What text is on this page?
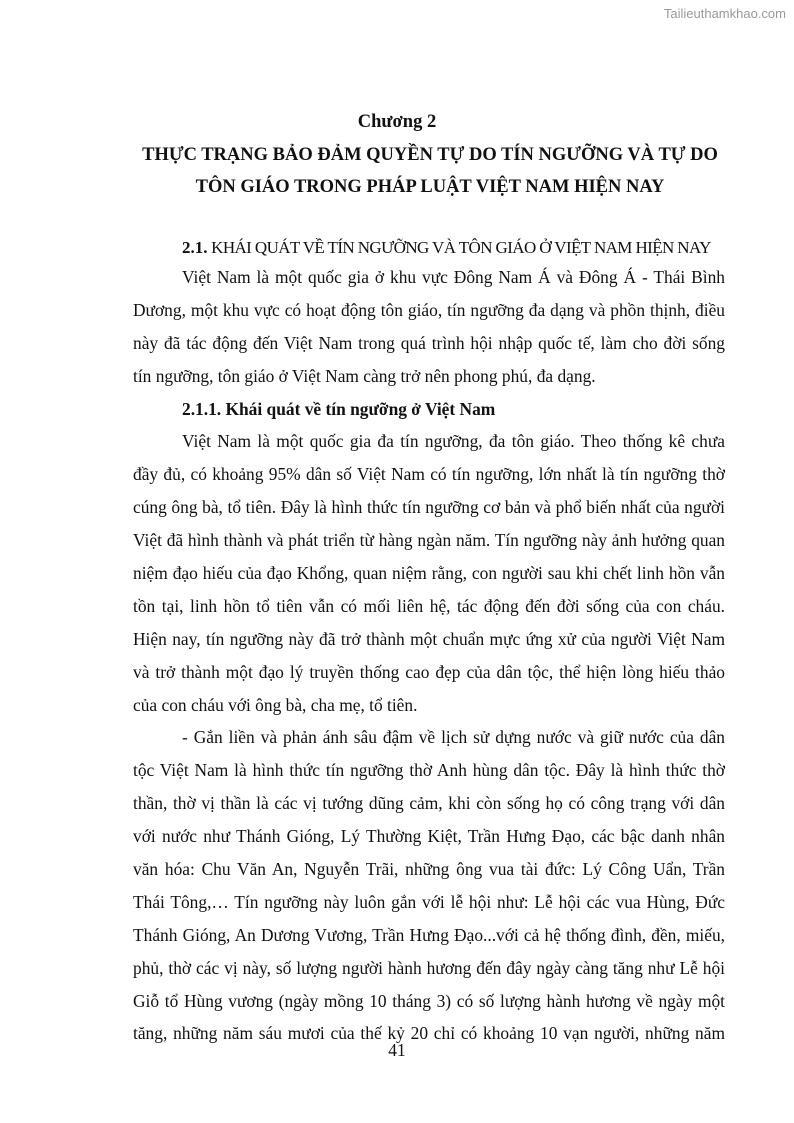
Tailieuthamkhao.com
Chương 2
THỰC TRẠNG BẢO ĐẢM QUYỀN TỰ DO TÍN NGƯỠNG VÀ TỰ DO
TÔN GIÁO TRONG PHÁP LUẬT VIỆT NAM HIỆN NAY
2.1. KHÁI QUÁT VỀ TÍN NGƯỠNG VÀ TÔN GIÁO Ở VIỆT NAM HIỆN NAY
Việt Nam là một quốc gia ở khu vực Đông Nam Á và Đông Á - Thái Bình
Dương, một khu vực có hoạt động tôn giáo, tín ngưỡng đa dạng và phồn thịnh, điều
này đã tác động đến Việt Nam trong quá trình hội nhập quốc tế, làm cho đời sống
tín ngưỡng, tôn giáo ở Việt Nam càng trở nên phong phú, đa dạng.
2.1.1. Khái quát về tín ngưỡng ở Việt Nam
Việt Nam là một quốc gia đa tín ngưỡng, đa tôn giáo. Theo thống kê chưa
đầy đủ, có khoảng 95% dân số Việt Nam có tín ngưỡng, lớn nhất là tín ngưỡng thờ
cúng ông bà, tổ tiên. Đây là hình thức tín ngưỡng cơ bản và phổ biến nhất của người
Việt đã hình thành và phát triển từ hàng ngàn năm. Tín ngưỡng này ảnh hưởng quan
niệm đạo hiếu của đạo Khổng, quan niệm rằng, con người sau khi chết linh hồn vẫn
tồn tại, linh hồn tổ tiên vẫn có mối liên hệ, tác động đến đời sống của con cháu.
Hiện nay, tín ngưỡng này đã trở thành một chuẩn mực ứng xử của người Việt Nam
và trở thành một đạo lý truyền thống cao đẹp của dân tộc, thể hiện lòng hiếu thảo
của con cháu với ông bà, cha mẹ, tổ tiên.
- Gắn liền và phản ánh sâu đậm về lịch sử dựng nước và giữ nước của dân
tộc Việt Nam là hình thức tín ngưỡng thờ Anh hùng dân tộc. Đây là hình thức thờ
thần, thờ vị thần là các vị tướng dũng cảm, khi còn sống họ có công trạng với dân
với nước như Thánh Gióng, Lý Thường Kiệt, Trần Hưng Đạo, các bậc danh nhân
văn hóa: Chu Văn An, Nguyễn Trãi, những ông vua tài đức: Lý Công Uẩn, Trần
Thái Tông,… Tín ngưỡng này luôn gắn với lễ hội như: Lễ hội các vua Hùng, Đức
Thánh Gióng, An Dương Vương, Trần Hưng Đạo...với cả hệ thống đình, đền, miếu,
phủ, thờ các vị này, số lượng người hành hương đến đây ngày càng tăng như Lễ hội
Giỗ tổ Hùng vương (ngày mồng 10 tháng 3) có số lượng hành hương về ngày một
tăng, những năm sáu mươi của thế kỷ 20 chỉ có khoảng 10 vạn người, những năm
41
